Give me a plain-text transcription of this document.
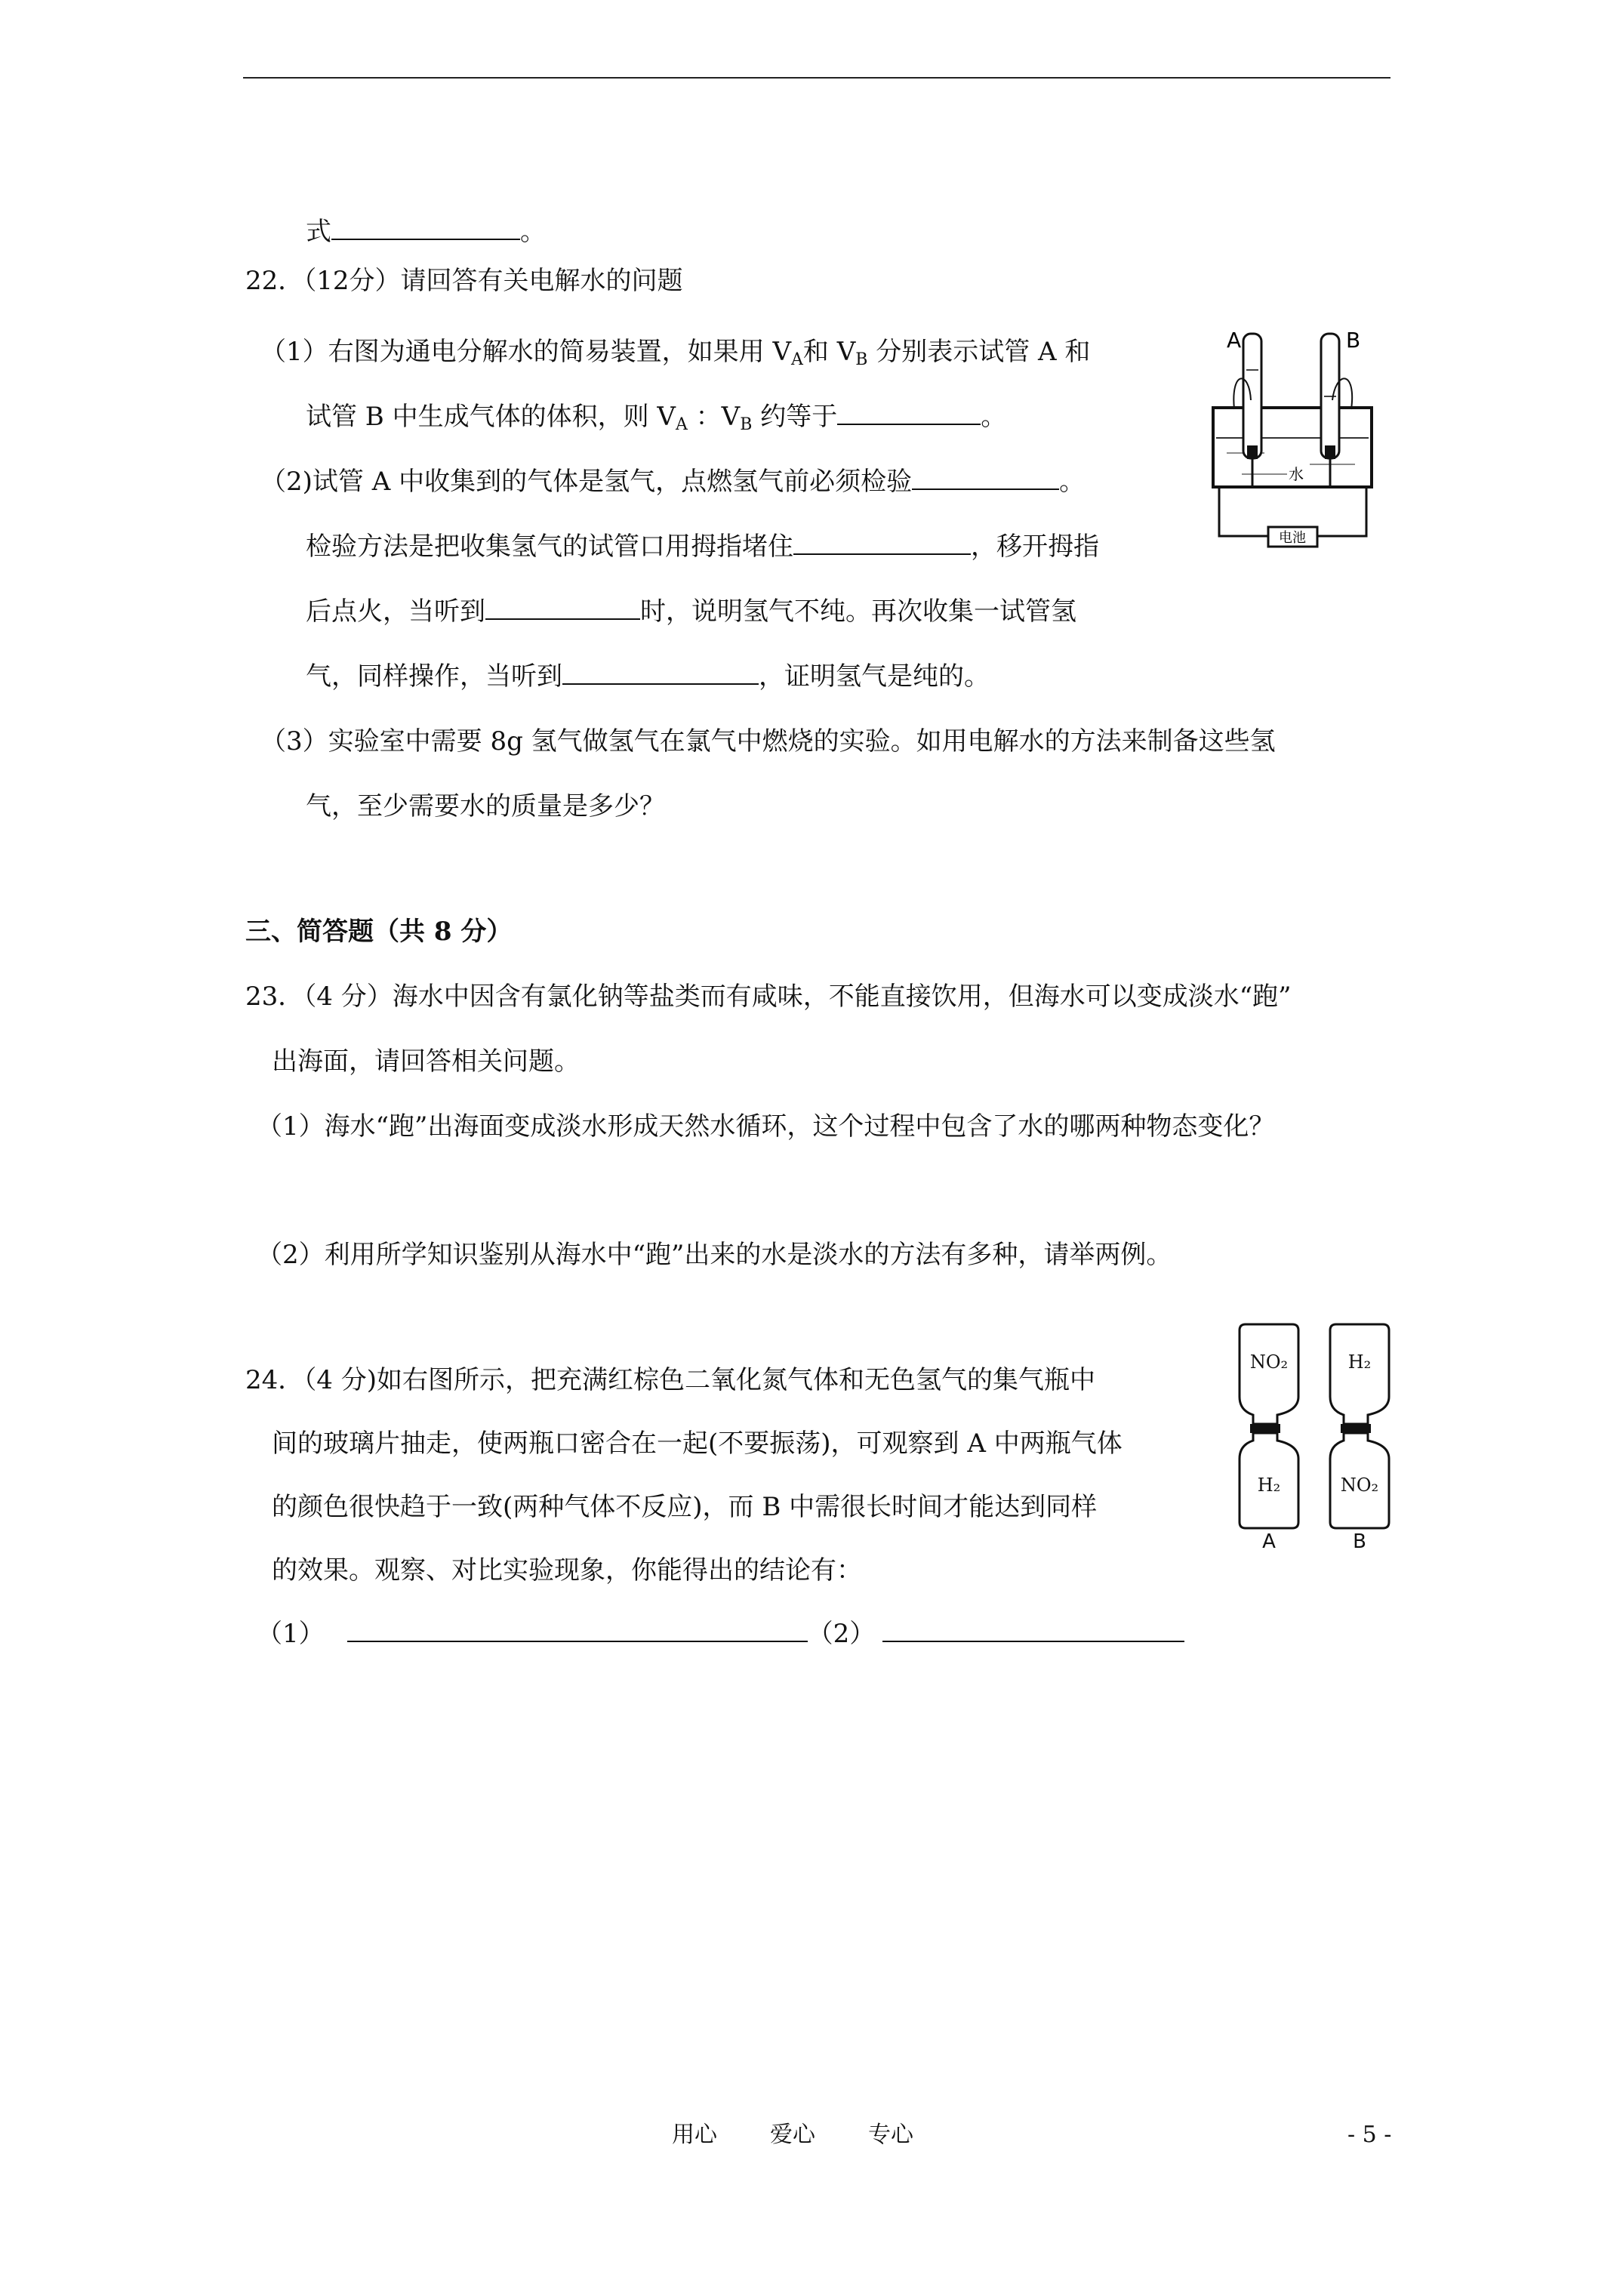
式	。
22．（12分）请回答有关电解水的问题
（1）右图为通电分解水的简易装置，如果用 $V_A$和 $V_B$ 分别表示试管 A 和
试管 B 中生成气体的体积，则 $V_A$ ：$V_B$ 约等于	。
（2)试管 A 中收集到的气体是氢气，点燃氢气前必须检验	。
检验方法是把收集氢气的试管口用拇指堵住	，移开拇指
后点火，当听到	时，说明氢气不纯。再次收集一试管氢
气，同样操作，当听到	，证明氢气是纯的。
（3）实验室中需要 8g 氢气做氢气在氯气中燃烧的实验。如用电解水的方法来制备这些氢
气，至少需要水的质量是多少？
电池
A	B
水
三、简答题（共 8 分）
23．（4 分）海水中因含有氯化钠等盐类而有咸味，不能直接饮用，但海水可以变成淡水“跑”
出海面，请回答相关问题。
（1）海水“跑”出海面变成淡水形成天然水循环，这个过程中包含了水的哪两种物态变化？
（2）利用所学知识鉴别从海水中“跑”出来的水是淡水的方法有多种，请举两例。
24．（4 分)如右图所示，把充满红棕色二氧化氮气体和无色氢气的集气瓶中
间的玻璃片抽走，使两瓶口密合在一起(不要振荡)，可观察到 A 中两瓶气体
的颜色很快趋于一致(两种气体不反应)，而 B 中需很长时间才能达到同样
的效果。观察、对比实验现象，你能得出的结论有：
（1）	（2）
NO₂
H₂
H₂
NO₂
A	B
用心 爱心 专心	- 5 -
